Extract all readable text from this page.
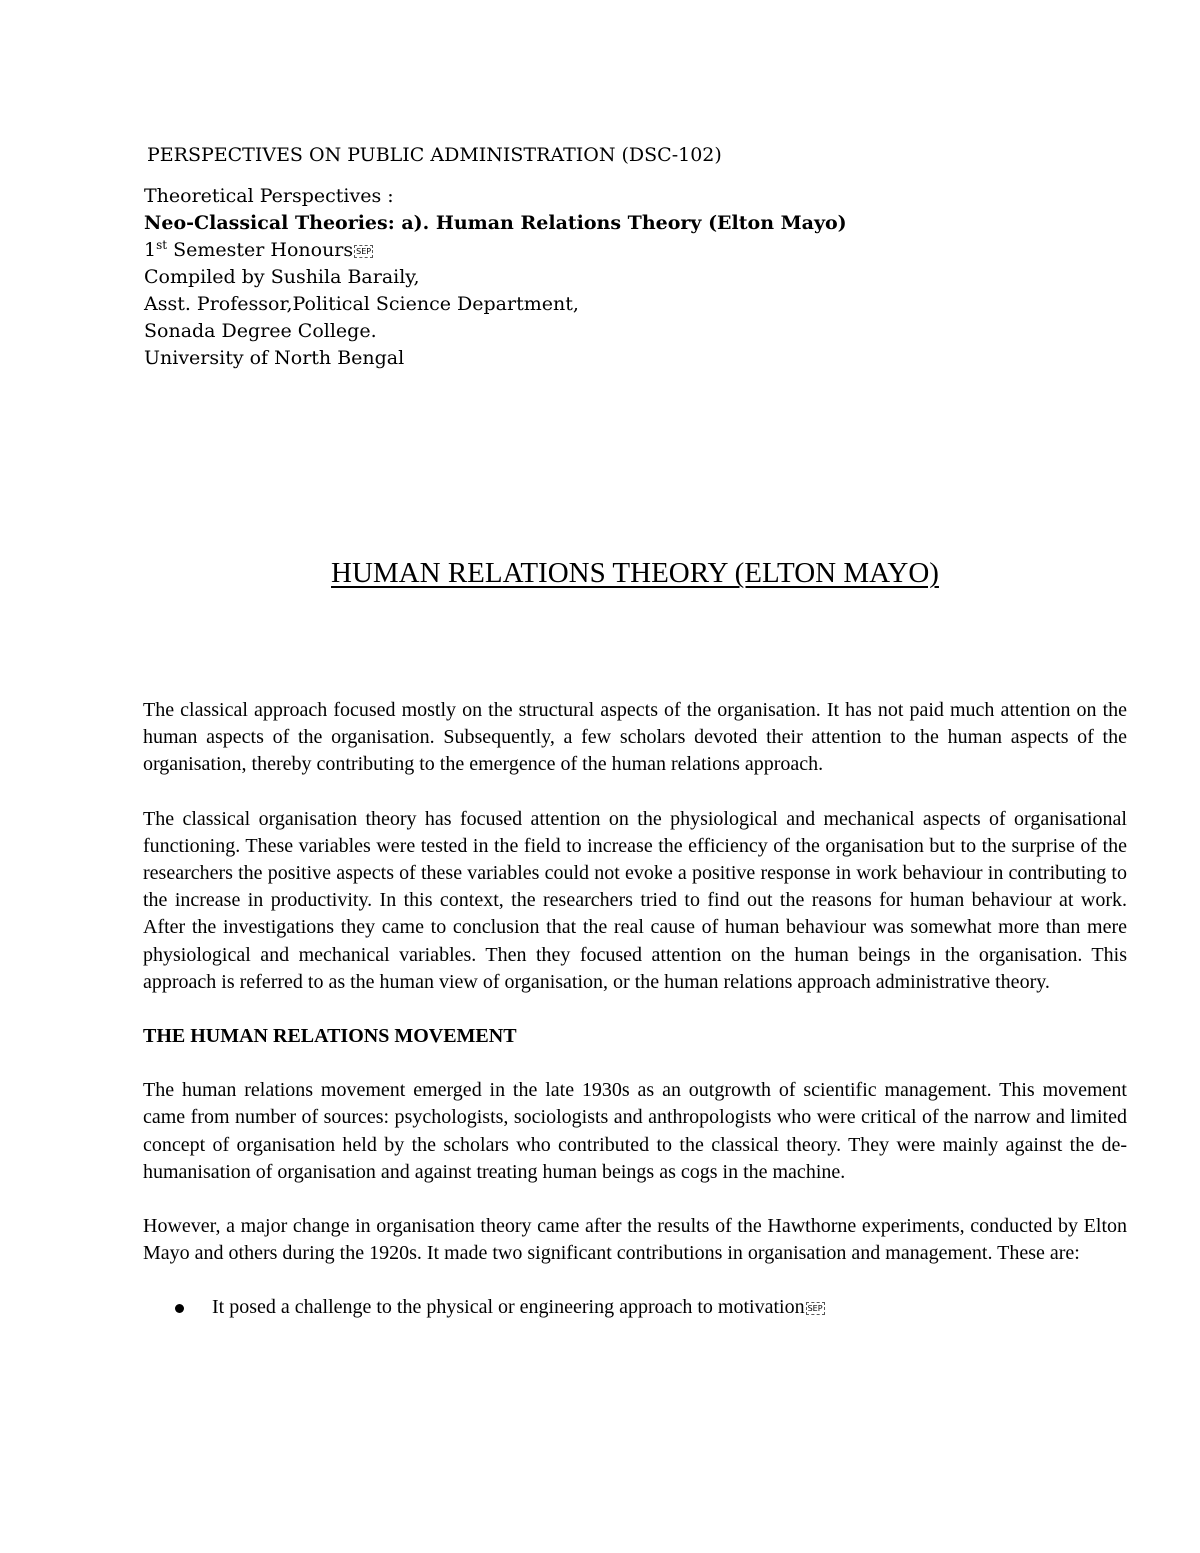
PERSPECTIVES ON PUBLIC ADMINISTRATION (DSC-102)

Theoretical Perspectives :

Neo-Classical Theories: a). Human Relations Theory (Elton Mayo)

1st Semester Honours SEP

Compiled by Sushila Baraily,

Asst. Professor,Political Science Department,

Sonada Degree College.

University of North Bengal

HUMAN RELATIONS THEORY (ELTON MAYO)

The classical approach focused mostly on the structural aspects of the organisation. It has not paid much attention on the human aspects of the organisation. Subsequently, a few scholars devoted their attention to the human aspects of the organisation, thereby contributing to the emergence of the human relations approach.

The classical organisation theory has focused attention on the physiological and mechanical aspects of organisational functioning. These variables were tested in the field to increase the efficiency of the organisation but to the surprise of the researchers the positive aspects of these variables could not evoke a positive response in work behaviour in contributing to the increase in productivity. In this context, the researchers tried to find out the reasons for human behaviour at work. After the investigations they came to conclusion that the real cause of human behaviour was somewhat more than mere physiological and mechanical variables. Then they focused attention on the human beings in the organisation. This approach is referred to as the human view of organisation, or the human relations approach administrative theory.

THE HUMAN RELATIONS MOVEMENT

The human relations movement emerged in the late 1930s as an outgrowth of scientific management. This movement came from number of sources: psychologists, sociologists and anthropologists who were critical of the narrow and limited concept of organisation held by the scholars who contributed to the classical theory. They were mainly against the de-humanisation of organisation and against treating human beings as cogs in the machine.

However, a major change in organisation theory came after the results of the Hawthorne experiments, conducted by Elton Mayo and others during the 1920s. It made two significant contributions in organisation and management. These are:

It posed a challenge to the physical or engineering approach to motivation SEP
